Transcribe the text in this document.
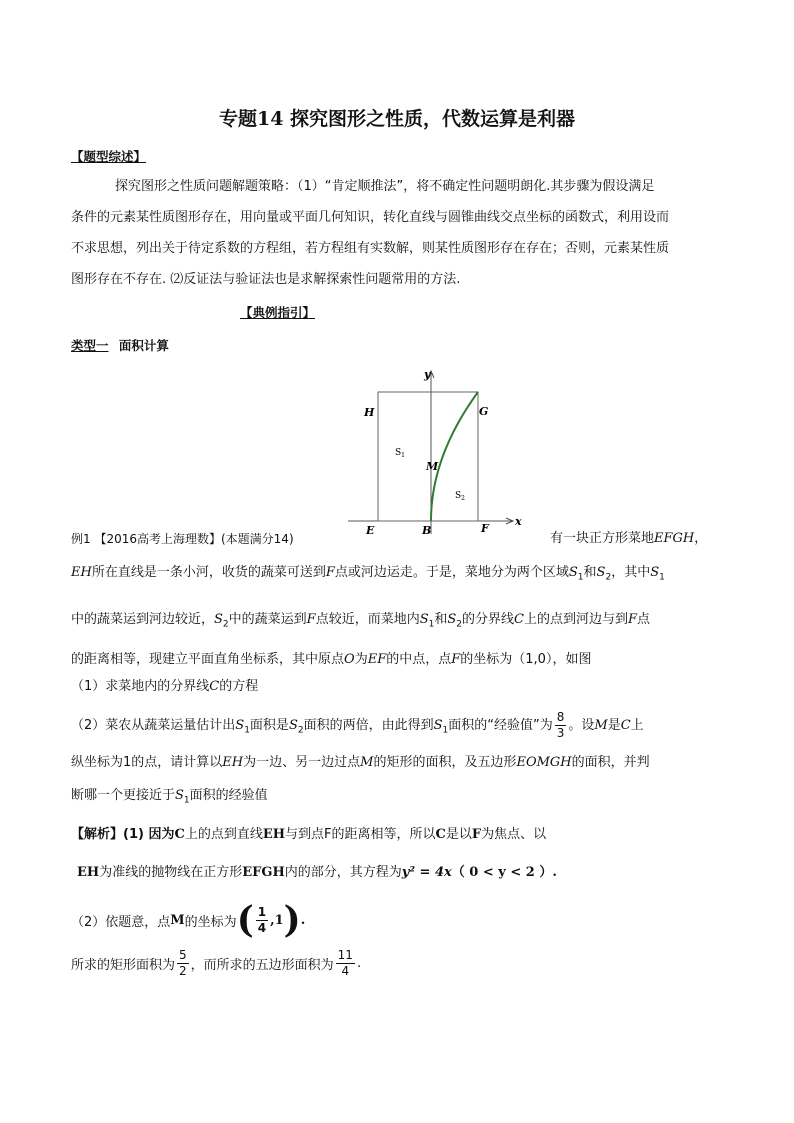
专题14 探究图形之性质，代数运算是利器
【题型综述】
探究图形之性质问题解题策略：（1）“肯定顺推法”，将不确定性问题明朗化.其步骤为假设满足
条件的元素某性质图形存在，用向量或平面几何知识，转化直线与圆锥曲线交点坐标的函数式，利用设而
不求思想，列出关于待定系数的方程组，若方程组有实数解，则某性质图形存在存在；否则，元素某性质
图形存在不存在. ⑵反证法与验证法也是求解探索性问题常用的方法.
【典例指引】
类型一 面积计算
y
x
H	G
M
$S_1$
$S_2$
E	B	F
例1 【2016高考上海理数】(本题满分14)	有一块正方形菜地EFGH，
EH所在直线是一条小河，收货的蔬菜可送到F点或河边运走。于是，菜地分为两个区域$S_1$和$S_2$，其中$S_1$
中的蔬菜运到河边较近，$S_2$中的蔬菜运到F点较近，而菜地内$S_1$和$S_2$的分界线C上的点到河边与到F点
的距离相等，现建立平面直角坐标系，其中原点O为EF的中点，点F的坐标为（1,0），如图
（1）求菜地内的分界线C的方程
（2）菜农从蔬菜运量估计出$S_1$面积是$S_2$面积的两倍，由此得到$S_1$面积的“经验值”为 $\frac{8}{3}$ 。设M是C上
纵坐标为1的点，请计算以EH为一边、另一边过点M的矩形的面积，及五边形EOMGH的面积，并判
断哪一个更接近于$S_1$面积的经验值
【解析】(1) 因为C上的点到直线EH与到点F的距离相等，所以C是以F为焦点、以
EH为准线的抛物线在正方形EFGH内的部分，其方程为y² = 4x（ 0 < y < 2 ）.
（2）依题意，点 M 的坐标为 ( $\frac{1}{4}$ , 1 ) .
所求的矩形面积为 $\frac{5}{2}$ ，而所求的五边形面积为 $\frac{11}{4}$ .
